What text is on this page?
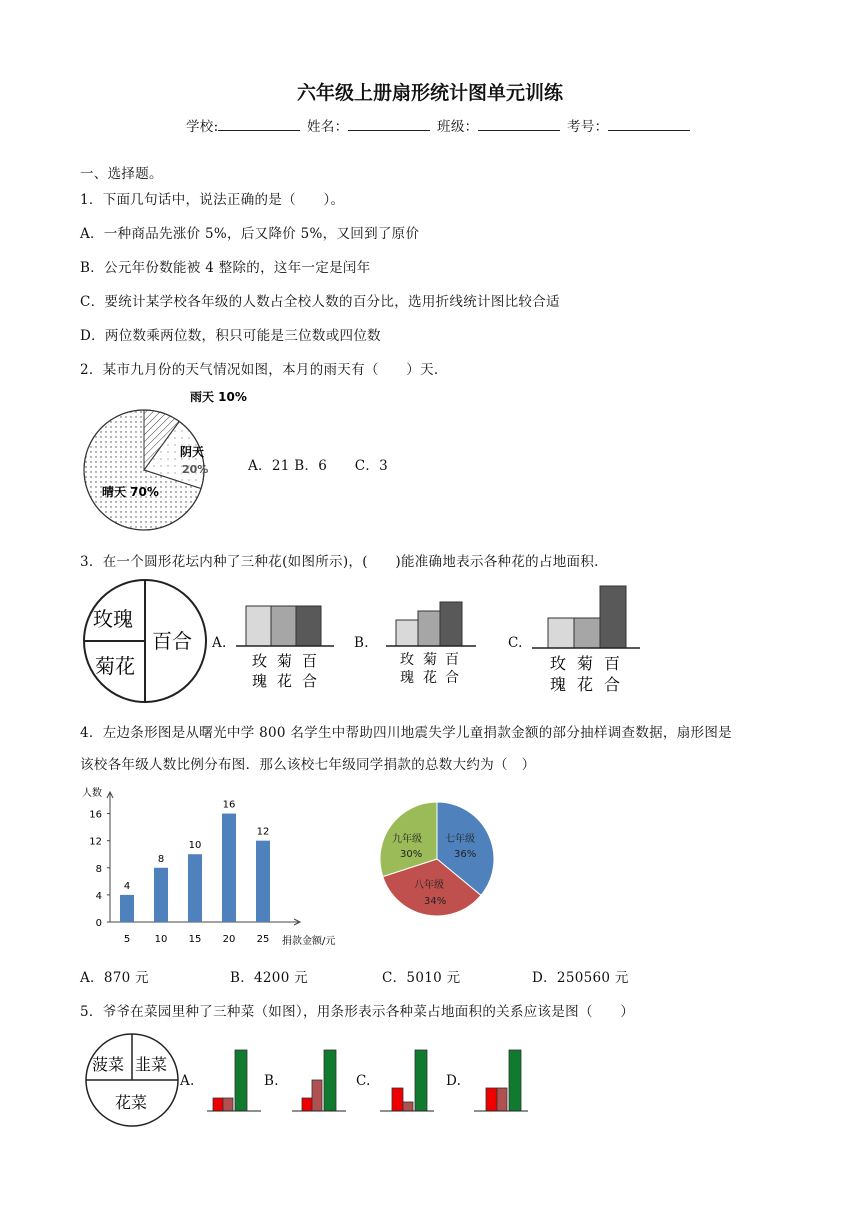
六年级上册扇形统计图单元训练
学校:	姓名：	班级：	考号：
一、选择题。
1．下面几句话中，说法正确的是（　　）。
A．一种商品先涨价 5%，后又降价 5%，又回到了原价
B．公元年份数能被 4 整除的，这年一定是闰年
C．要统计某学校各年级的人数占全校人数的百分比，选用折线统计图比较合适
D．两位数乘两位数，积只可能是三位数或四位数
2．某市九月份的天气情况如图，本月的雨天有（　　）天.
雨天 10%
阴天
20%
晴天 70%
A．21 B．6　　C．3
3．在一个圆形花坛内种了三种花(如图所示)，(　　)能准确地表示各种花的占地面积.
玫瑰
菊花
百合 A.	B.	C.
玫
瑰
菊
花
百
合
玫
瑰
菊
花
百
合
玫
瑰
菊
花
百
合
4．左边条形图是从曙光中学 800 名学生中帮助四川地震失学儿童捐款金额的部分抽样调查数据，扇形图是
该校各年级人数比例分布图．那么该校七年级同学捐款的总数大约为（　）
人数
捐款金额/元
0
4
8
12
16
4
5
8
10
10
15
16
20
12
25
七年级
36%
八年级
34%
九年级
30%
A．870 元	B．4200 元	C．5010 元	D．250560 元
5．爷爷在菜园里种了三种菜（如图），用条形表示各种菜占地面积的关系应该是图（　　）
菠菜 韭菜
花菜
A.	B.	C.	D.
